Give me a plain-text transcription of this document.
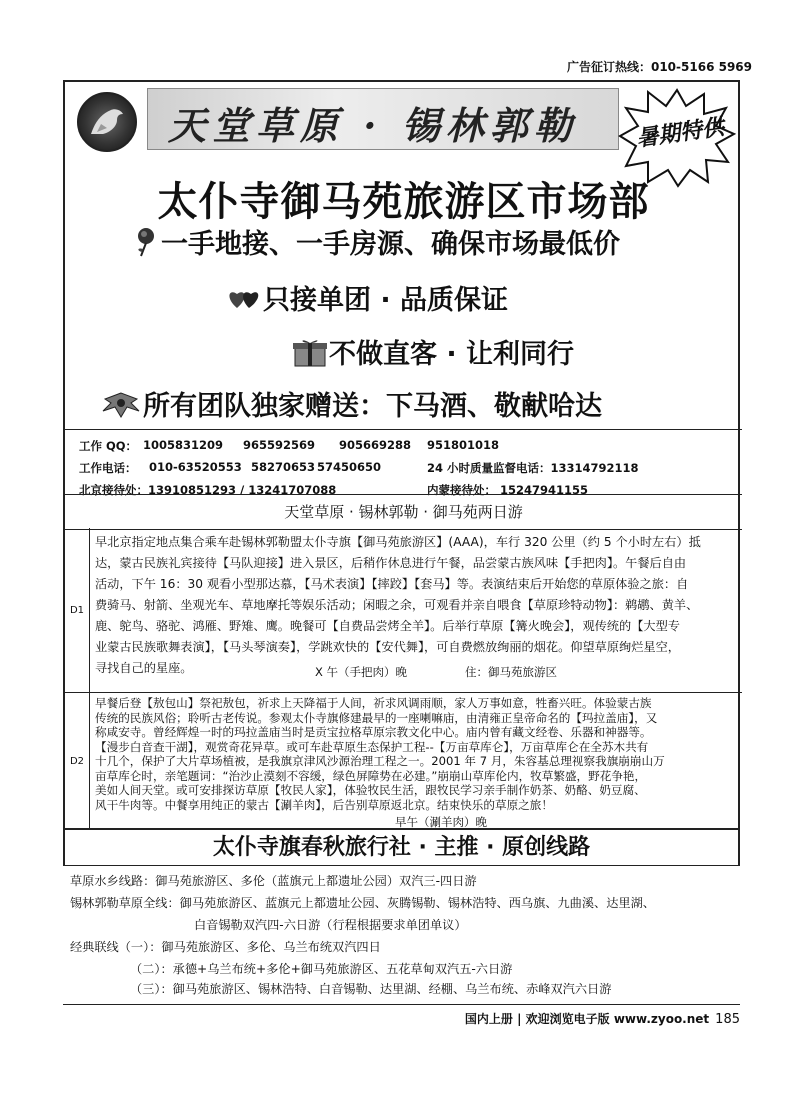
广告征订热线：010-5166 5969
天堂草原 · 锡林郭勒	暑期特供
太仆寺御马苑旅游区市场部
一手地接、一手房源、确保市场最低价
只接单团 · 品质保证
不做直客 · 让利同行
所有团队独家赠送：下马酒、敬献哈达
工作 QQ： 1005831209 965592569 905669288 951801018
工作电话： 010-63520553 58270653 57450650	24 小时质量监督电话：13314792118
北京接待处：13910851293 / 13241707088	内蒙接待处： 15247941155
天堂草原 · 锡林郭勒 · 御马苑两日游
D1
早北京指定地点集合乘车赴锡林郭勒盟太仆寺旗【御马苑旅游区】(AAA)，车行 320 公里（约 5 个小时左右）抵
达，蒙古民族礼宾接待【马队迎接】进入景区，后稍作休息进行午餐，品尝蒙古族风味【手把肉】。午餐后自由
活动，下午 16：30 观看小型那达慕，【马术表演】【摔跤】【套马】等。表演结束后开始您的草原体验之旅：自
费骑马、射箭、坐观光车、草地摩托等娱乐活动；闲暇之余，可观看并亲自喂食【草原珍特动物】：鹈鹕、黄羊、
鹿、鸵鸟、骆驼、鸿雁、野雉、鹰。晚餐可【自费品尝烤全羊】。后举行草原【篝火晚会】，观传统的【大型专
业蒙古民族歌舞表演】，【马头琴演奏】，学跳欢快的【安代舞】，可自费燃放绚丽的烟花。仰望草原绚烂星空，
寻找自己的星座。	X 午（手把肉）晚	住：御马苑旅游区
D2
早餐后登【敖包山】祭祀敖包，祈求上天降福于人间，祈求风调雨顺，家人万事如意，牲畜兴旺。体验蒙古族
传统的民族风俗；聆听古老传说。参观太仆寺旗修建最早的一座喇嘛庙，由清雍正皇帝命名的【玛拉盖庙】，又
称咸安寺。曾经辉煌一时的玛拉盖庙当时是贡宝拉格草原宗教文化中心。庙内曾有藏文经卷、乐器和神器等。
【漫步白音查干湖】，观赏奇花异草。或可车赴草原生态保护工程--【万亩草库仑】，万亩草库仑在全苏木共有
十几个，保护了大片草场植被，是我旗京津风沙源治理工程之一。2001 年 7 月，朱容基总理视察我旗崩崩山万
亩草库仑时，亲笔题词：“治沙止漠刻不容缓，绿色屏障势在必建。”崩崩山草库伦内，牧草繁盛，野花争艳，
美如人间天堂。或可安排探访草原【牧民人家】，体验牧民生活，跟牧民学习亲手制作奶茶、奶酪、奶豆腐、
风干牛肉等。中餐享用纯正的蒙古【涮羊肉】，后告别草原返北京。结束快乐的草原之旅！
早午（涮羊肉）晚
太仆寺旗春秋旅行社 · 主推 · 原创线路
草原水乡线路：御马苑旅游区、多伦（蓝旗元上都遗址公园）双汽三-四日游
锡林郭勒草原全线：御马苑旅游区、蓝旗元上都遗址公园、灰腾锡勒、锡林浩特、西乌旗、九曲溪、达里湖、
白音锡勒双汽四-六日游（行程根据要求单团单议）
经典联线（一）：御马苑旅游区、多伦、乌兰布统双汽四日
（二）：承德+乌兰布统+多伦+御马苑旅游区、五花草甸双汽五-六日游
（三）：御马苑旅游区、锡林浩特、白音锡勒、达里湖、经棚、乌兰布统、赤峰双汽六日游
国内上册 | 欢迎浏览电子版 www.zyoo.net 185
